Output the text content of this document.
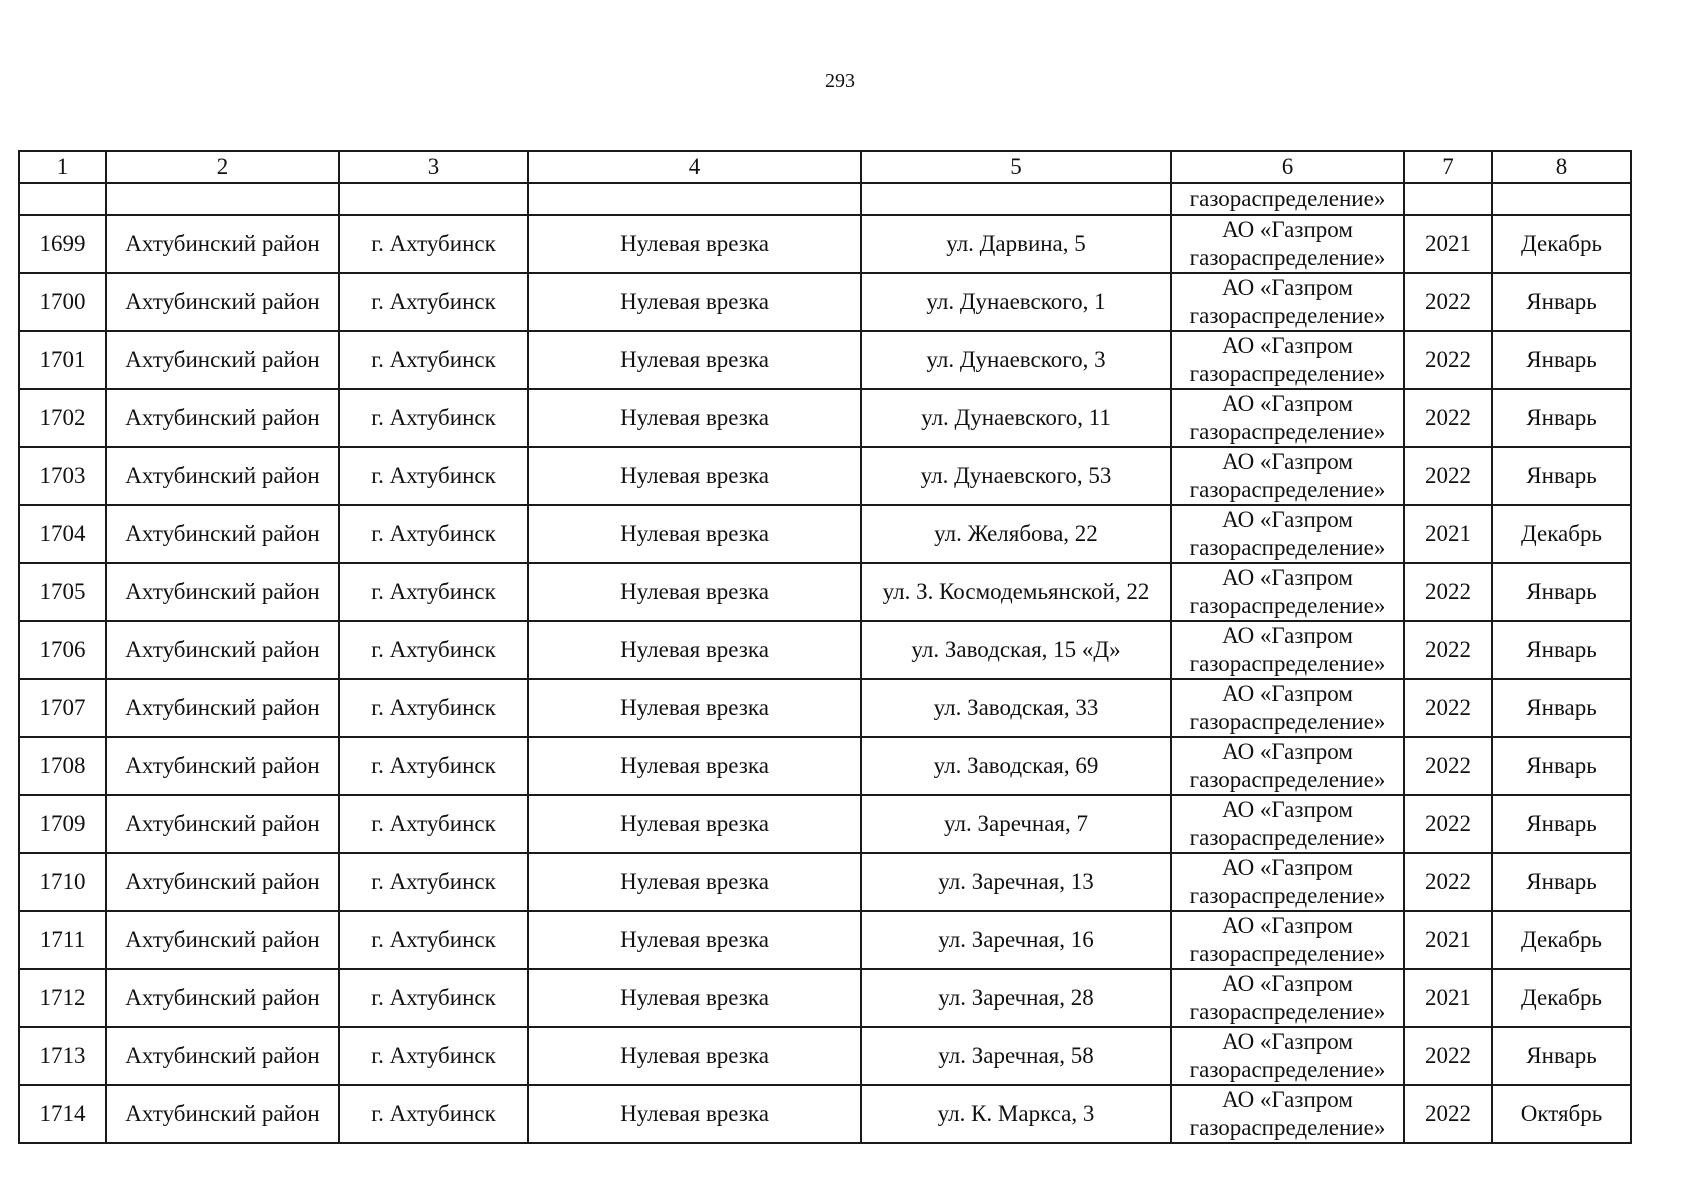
293
1	2	3	4	5	6	7	8
					газораспределение»		
1699	Ахтубинский район	г. Ахтубинск	Нулевая врезка	ул. Дарвина, 5	АО «Газпром
газораспределение»	2021	Декабрь
1700	Ахтубинский район	г. Ахтубинск	Нулевая врезка	ул. Дунаевского, 1	АО «Газпром
газораспределение»	2022	Январь
1701	Ахтубинский район	г. Ахтубинск	Нулевая врезка	ул. Дунаевского, 3	АО «Газпром
газораспределение»	2022	Январь
1702	Ахтубинский район	г. Ахтубинск	Нулевая врезка	ул. Дунаевского, 11	АО «Газпром
газораспределение»	2022	Январь
1703	Ахтубинский район	г. Ахтубинск	Нулевая врезка	ул. Дунаевского, 53	АО «Газпром
газораспределение»	2022	Январь
1704	Ахтубинский район	г. Ахтубинск	Нулевая врезка	ул. Желябова, 22	АО «Газпром
газораспределение»	2021	Декабрь
1705	Ахтубинский район	г. Ахтубинск	Нулевая врезка	ул. З. Космодемьянской, 22	АО «Газпром
газораспределение»	2022	Январь
1706	Ахтубинский район	г. Ахтубинск	Нулевая врезка	ул. Заводская, 15 «Д»	АО «Газпром
газораспределение»	2022	Январь
1707	Ахтубинский район	г. Ахтубинск	Нулевая врезка	ул. Заводская, 33	АО «Газпром
газораспределение»	2022	Январь
1708	Ахтубинский район	г. Ахтубинск	Нулевая врезка	ул. Заводская, 69	АО «Газпром
газораспределение»	2022	Январь
1709	Ахтубинский район	г. Ахтубинск	Нулевая врезка	ул. Заречная, 7	АО «Газпром
газораспределение»	2022	Январь
1710	Ахтубинский район	г. Ахтубинск	Нулевая врезка	ул. Заречная, 13	АО «Газпром
газораспределение»	2022	Январь
1711	Ахтубинский район	г. Ахтубинск	Нулевая врезка	ул. Заречная, 16	АО «Газпром
газораспределение»	2021	Декабрь
1712	Ахтубинский район	г. Ахтубинск	Нулевая врезка	ул. Заречная, 28	АО «Газпром
газораспределение»	2021	Декабрь
1713	Ахтубинский район	г. Ахтубинск	Нулевая врезка	ул. Заречная, 58	АО «Газпром
газораспределение»	2022	Январь
1714	Ахтубинский район	г. Ахтубинск	Нулевая врезка	ул. К. Маркса, 3	АО «Газпром
газораспределение»	2022	Октябрь
